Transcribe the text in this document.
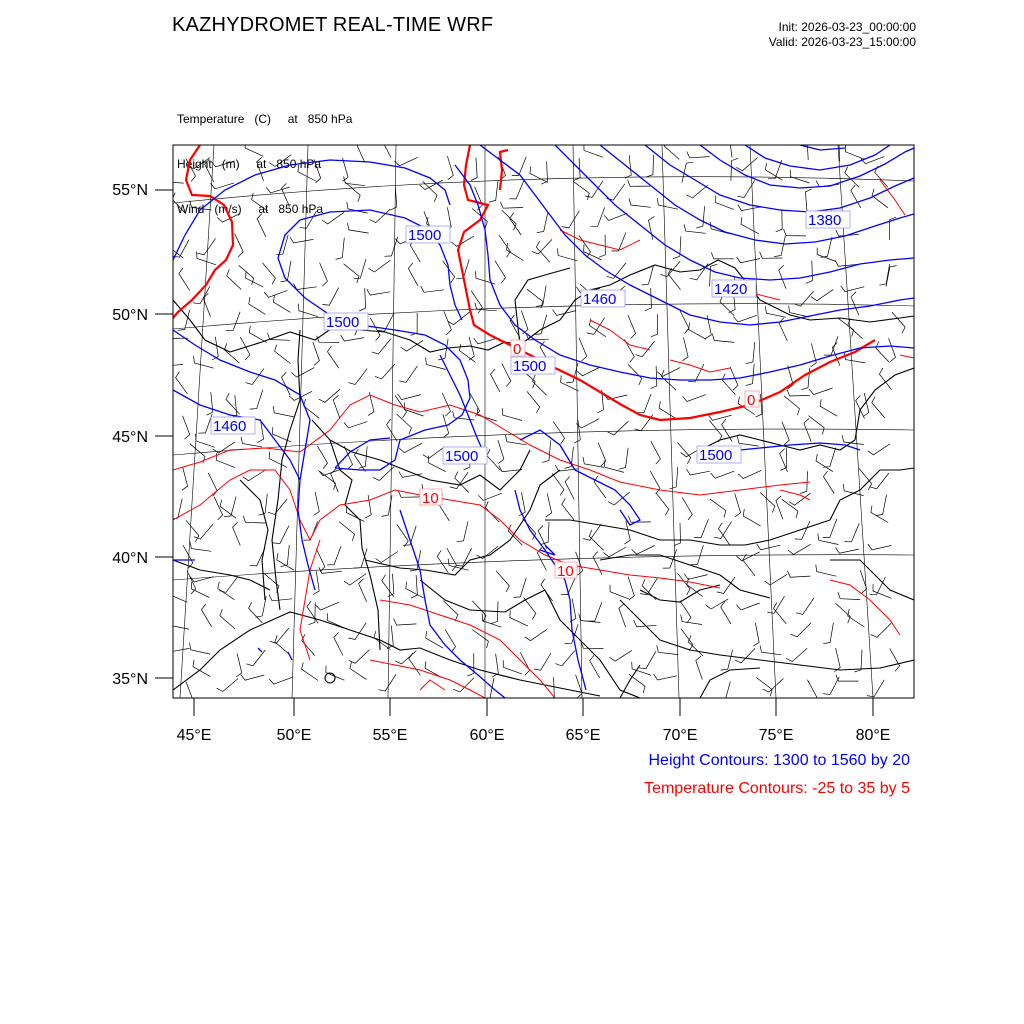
KAZHYDROMET REAL-TIME WRF	Init: 2026-03-23_00:00:00
Valid: 2026-03-23_15:00:00

Temperature   (C)     at   850 hPa

Height   (m)     at   850 hPa

Wind   (m/s)     at   850 hPa

55°N
50°N
45°N
40°N
35°N
45°E	50°E	55°E	60°E	65°E	70°E	75°E	80°E
1500
1500
1460
1500
1500
1460
1420
1380
1500
0
0
10
10
Height Contours: 1300 to 1560 by 20
Temperature Contours: -25 to 35 by 5
